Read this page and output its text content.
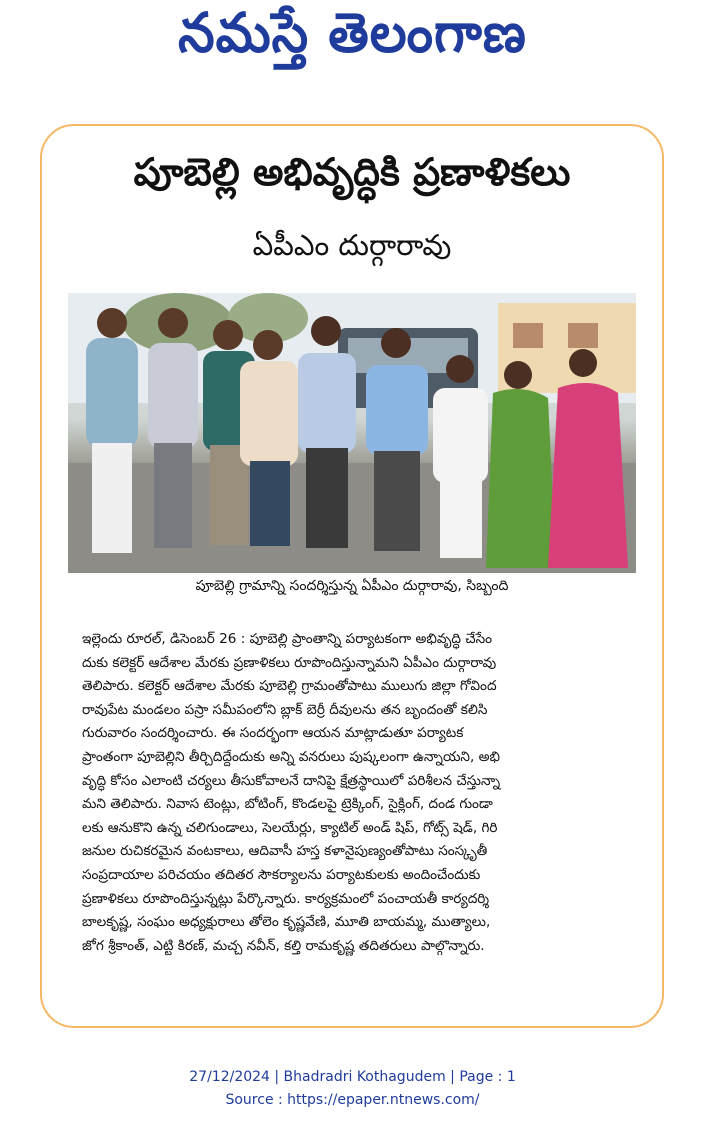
నమస్తే తెలంగాణ
పూబెల్లి అభివృద్ధికి ప్రణాళికలు
ఏపీఎం దుర్గారావు
పూబెల్లి గ్రామాన్ని సందర్శిస్తున్న ఏపీఎం దుర్గారావు, సిబ్బంది
ఇల్లెందు రూరల్, డిసెంబర్ 26 : పూబెల్లి ప్రాంతాన్ని పర్యాటకంగా అభివృద్ధి చేసేం
దుకు కలెక్టర్ ఆదేశాల మేరకు ప్రణాళికలు రూపొందిస్తున్నామని ఏపీఎం దుర్గారావు
తెలిపారు. కలెక్టర్ ఆదేశాల మేరకు పూబెల్లి గ్రామంతోపాటు ములుగు జిల్లా గోవింద
రావుపేట మండలం పస్రా సమీపంలోని బ్లాక్ బెర్రీ దీవులను తన బృందంతో కలిసి
గురువారం సందర్శించారు. ఈ సందర్భంగా ఆయన మాట్లాడుతూ పర్యాటక
ప్రాంతంగా పూబెల్లిని తీర్చిదిద్దేందుకు అన్ని వనరులు పుష్కలంగా ఉన్నాయని, అభి
వృద్ధి కోసం ఎలాంటి చర్యలు తీసుకోవాలనే దానిపై క్షేత్రస్థాయిలో పరిశీలన చేస్తున్నా
మని తెలిపారు. నివాస టెంట్లు, బోటింగ్, కొండలపై ట్రెక్కింగ్, సైక్లింగ్, దండ గుండా
లకు ఆనుకొని ఉన్న చలిగుండాలు, సెలయేర్లు, క్యాటిల్ అండ్ షిప్, గోట్స్ షెడ్, గిరి
జనుల రుచికరమైన వంటకాలు, ఆదివాసీ హస్త కళానైపుణ్యంతోపాటు సంస్కృతీ
సంప్రదాయాల పరిచయం తదితర సౌకర్యాలను పర్యాటకులకు అందించేందుకు
ప్రణాళికలు రూపొందిస్తున్నట్లు పేర్కొన్నారు. కార్యక్రమంలో పంచాయతీ కార్యదర్శి
బాలకృష్ణ, సంఘం అధ్యక్షురాలు తోలెం కృష్ణవేణి, మూతి బాయమ్మ, ముత్యాలు,
జోగ శ్రీకాంత్, ఎట్టి కిరణ్, మచ్చ నవీన్, కల్తి రామకృష్ణ తదితరులు పాల్గొన్నారు.
27/12/2024 | Bhadradri Kothagudem | Page : 1
Source : https://epaper.ntnews.com/
